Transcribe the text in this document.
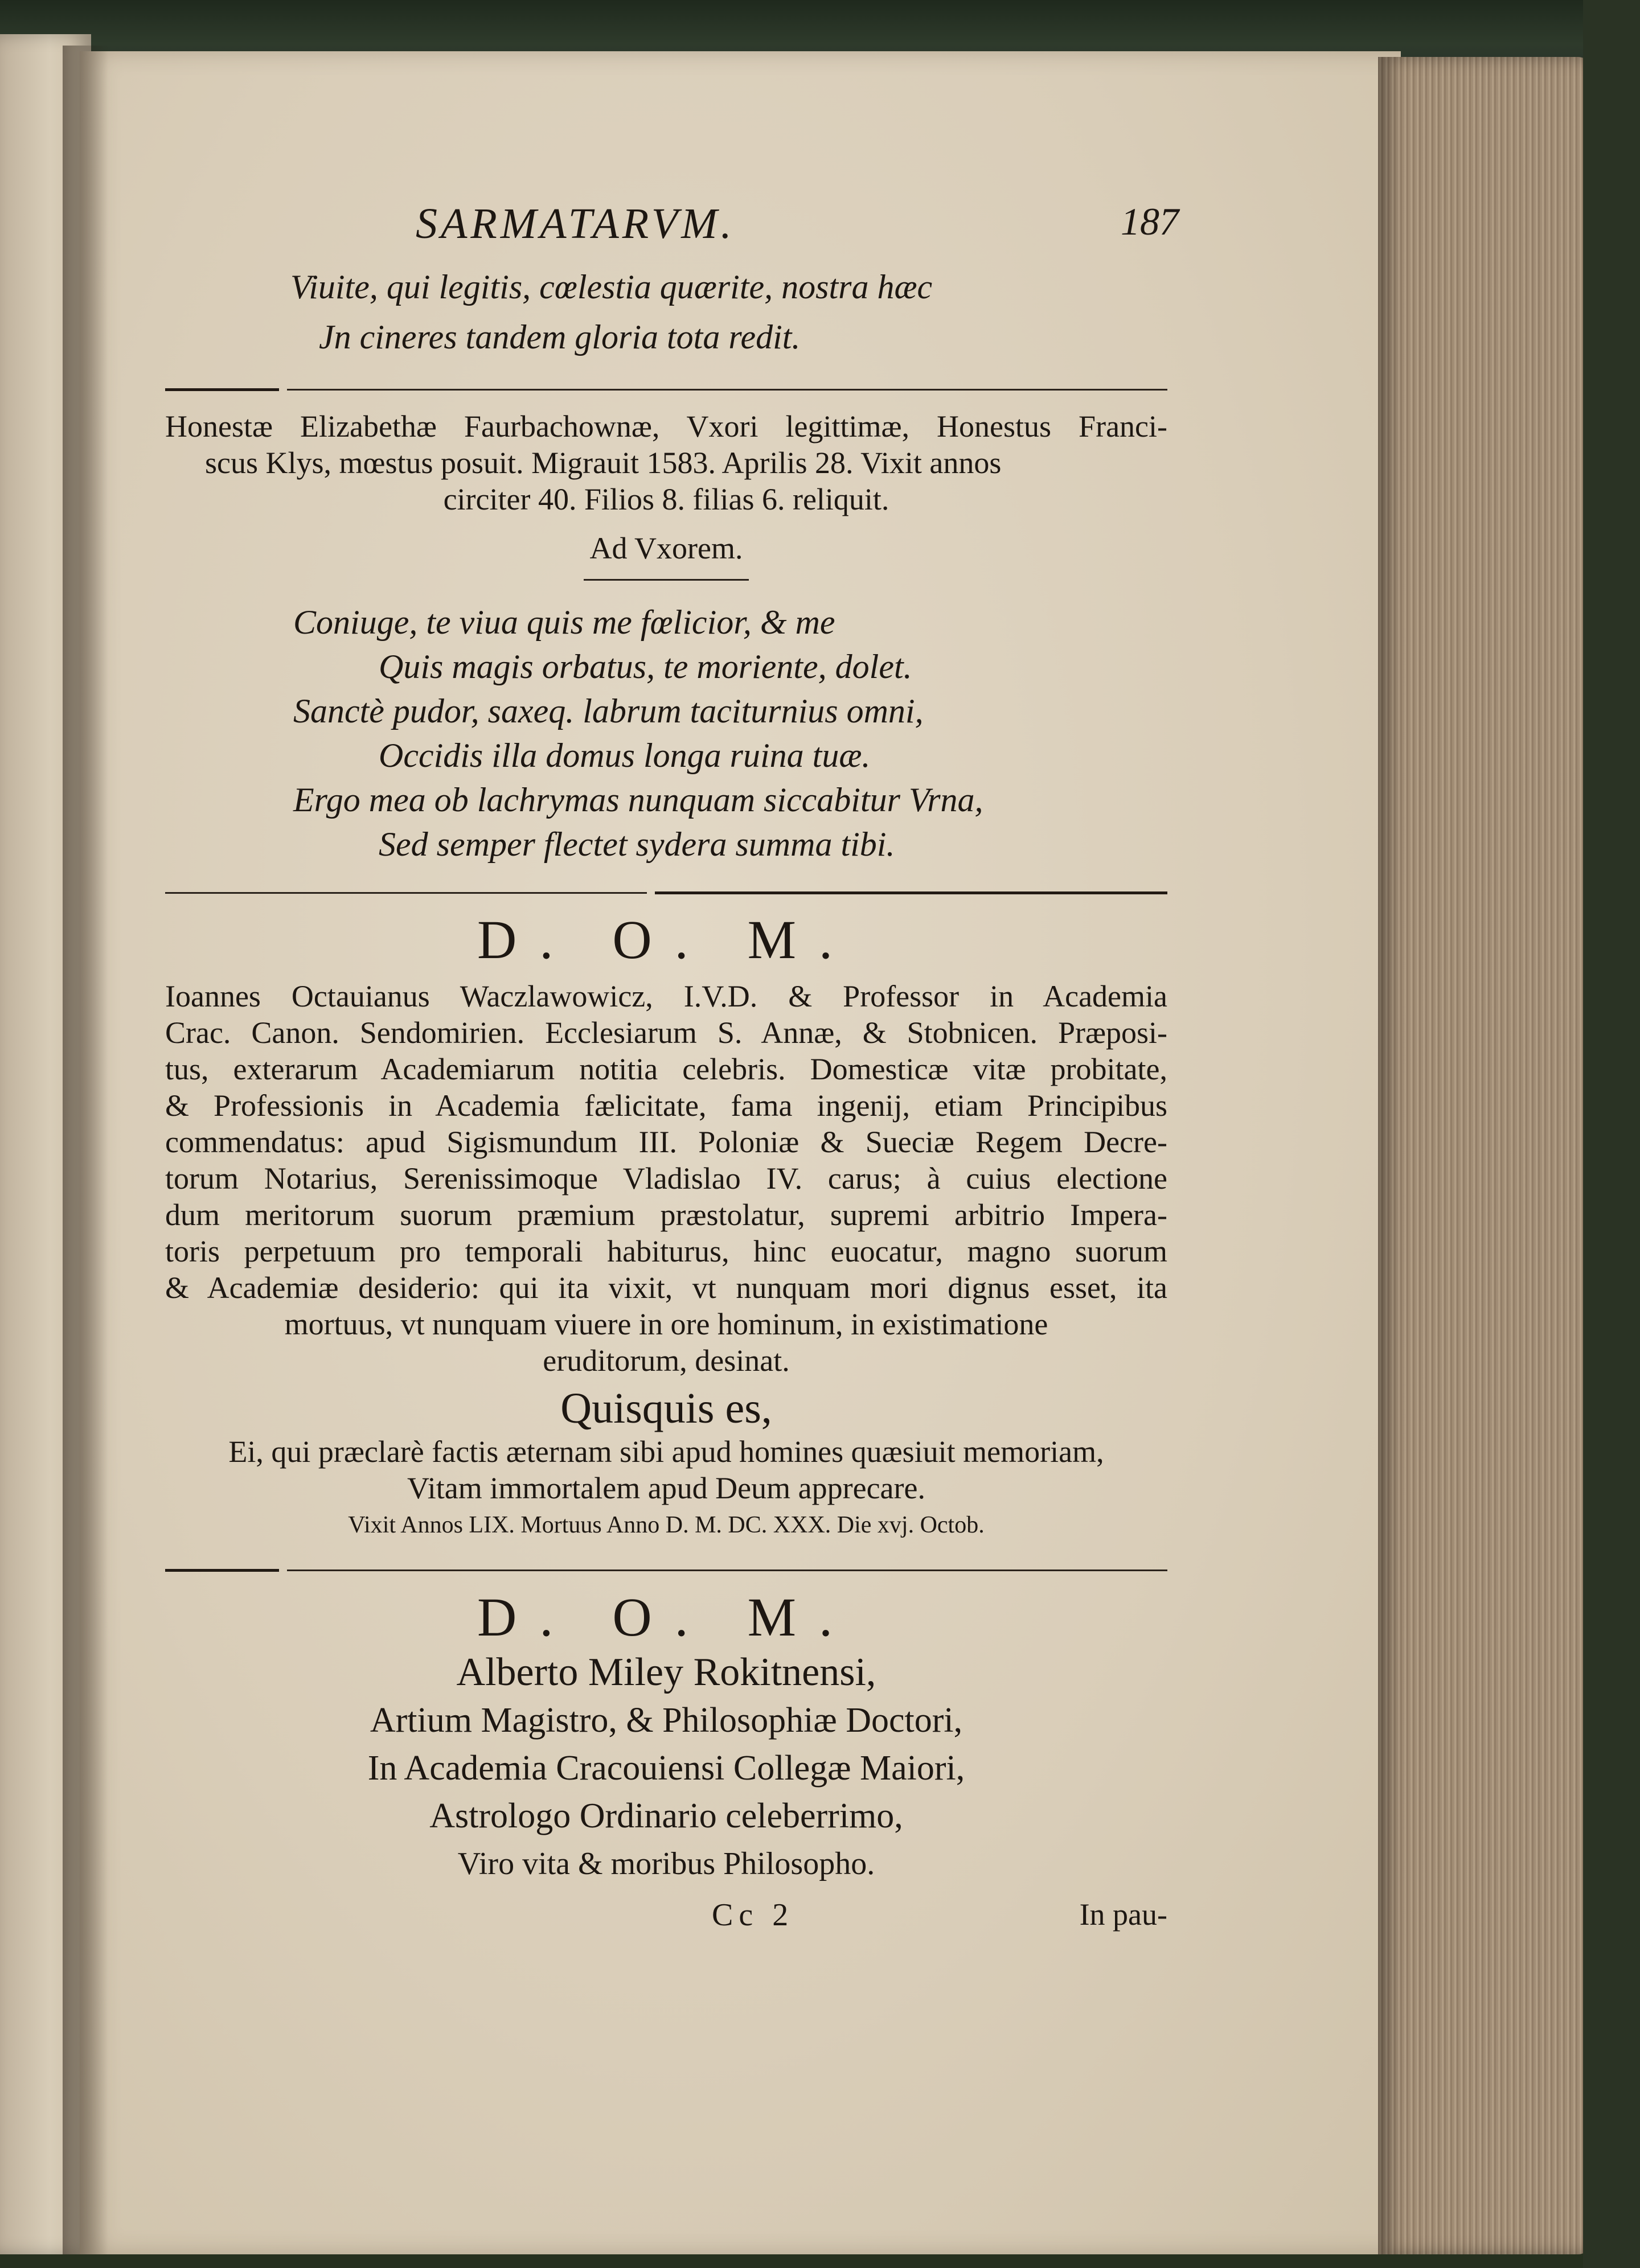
SARMATARVM.	187
Viuite, qui legitis, cœlestia quærite, nostra hæc
Jn cineres tandem gloria tota redit.
Honestæ Elizabethæ Faurbachownæ, Vxori legittimæ, Honestus Franci-
scus Klys, mœstus posuit. Migrauit 1583. Aprilis 28. Vixit annos
circiter 40. Filios 8. filias 6. reliquit.
Ad Vxorem.
Coniuge, te viua quis me fœlicior, & me
Quis magis orbatus, te moriente, dolet.
Sanctè pudor, saxeq. labrum taciturnius omni,
Occidis illa domus longa ruina tuæ.
Ergo mea ob lachrymas nunquam siccabitur Vrna,
Sed semper flectet sydera summa tibi.
D. O. M.
Ioannes Octauianus Waczlawowicz, I.V.D. & Professor in Academia
Crac. Canon. Sendomirien. Ecclesiarum S. Annæ, & Stobnicen. Præposi-
tus, exterarum Academiarum notitia celebris. Domesticæ vitæ probitate,
& Professionis in Academia fælicitate, fama ingenij, etiam Principibus
commendatus: apud Sigismundum III. Poloniæ & Sueciæ Regem Decre-
torum Notarius, Serenissimoque Vladislao IV. carus; à cuius electione
dum meritorum suorum præmium præstolatur, supremi arbitrio Impera-
toris perpetuum pro temporali habiturus, hinc euocatur, magno suorum
& Academiæ desiderio: qui ita vixit, vt nunquam mori dignus esset, ita
mortuus, vt nunquam viuere in ore hominum, in existimatione
eruditorum, desinat.
Quisquis es,
Ei, qui præclarè factis æternam sibi apud homines quæsiuit memoriam,
Vitam immortalem apud Deum apprecare.
Vixit Annos LIX. Mortuus Anno D. M. DC. XXX. Die xvj. Octob.
D. O. M.
Alberto Miley Rokitnensi,
Artium Magistro, & Philosophiæ Doctori,
In Academia Cracouiensi Collegæ Maiori,
Astrologo Ordinario celeberrimo,
Viro vita & moribus Philosopho.
Cc 2	In pau-
